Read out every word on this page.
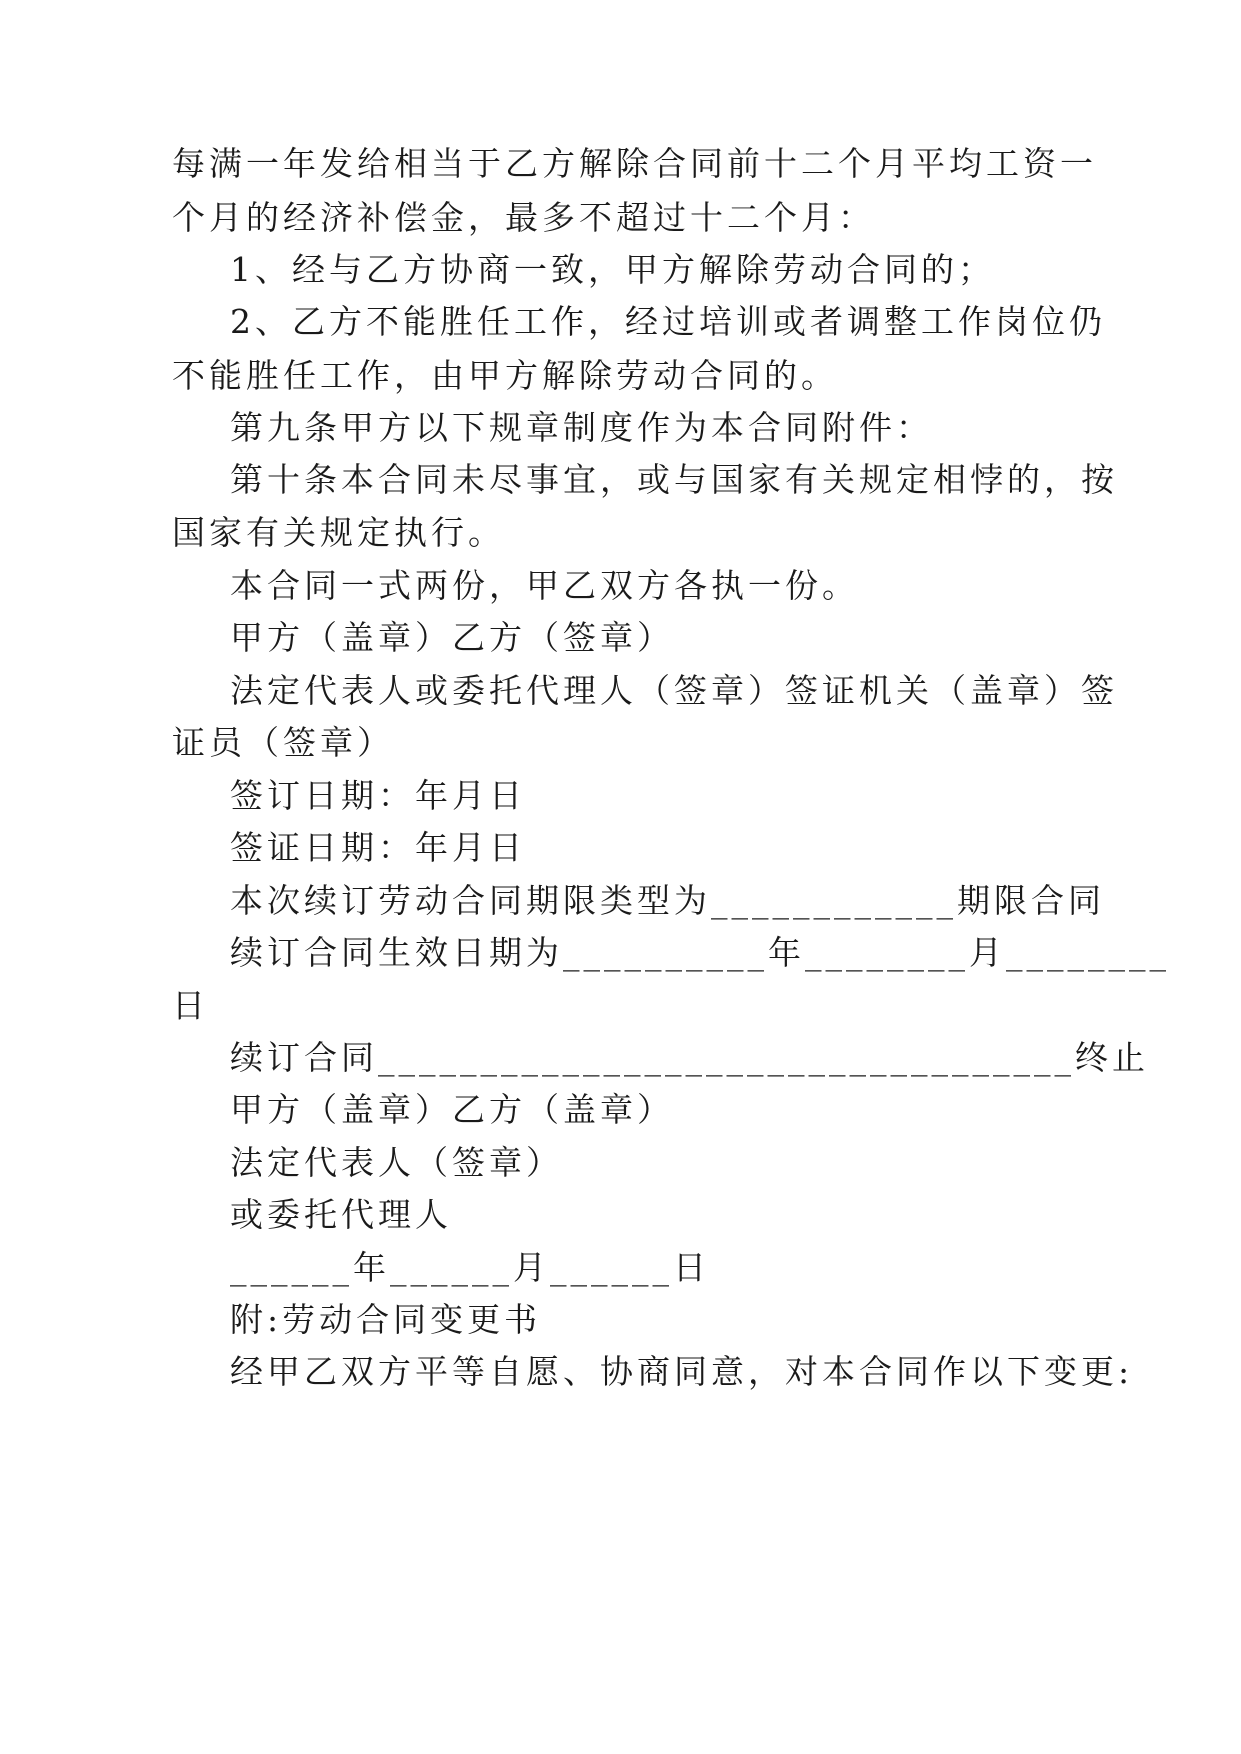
每满一年发给相当于乙方解除合同前十二个月平均工资一
个月的经济补偿金，最多不超过十二个月：
1、经与乙方协商一致，甲方解除劳动合同的；
2、乙方不能胜任工作，经过培训或者调整工作岗位仍
不能胜任工作，由甲方解除劳动合同的。
第九条甲方以下规章制度作为本合同附件：
第十条本合同未尽事宜，或与国家有关规定相悖的，按
国家有关规定执行。
本合同一式两份，甲乙双方各执一份。
甲方（盖章）乙方（签章）
法定代表人或委托代理人（签章）签证机关（盖章）签
证员（签章）
签订日期：年月日
签证日期：年月日
本次续订劳动合同期限类型为____________期限合同
续订合同生效日期为__________年________月________
日
续订合同__________________________________终止
甲方（盖章）乙方（盖章）
法定代表人（签章）
或委托代理人
______年______月______日
附:劳动合同变更书
经甲乙双方平等自愿、协商同意，对本合同作以下变更:
